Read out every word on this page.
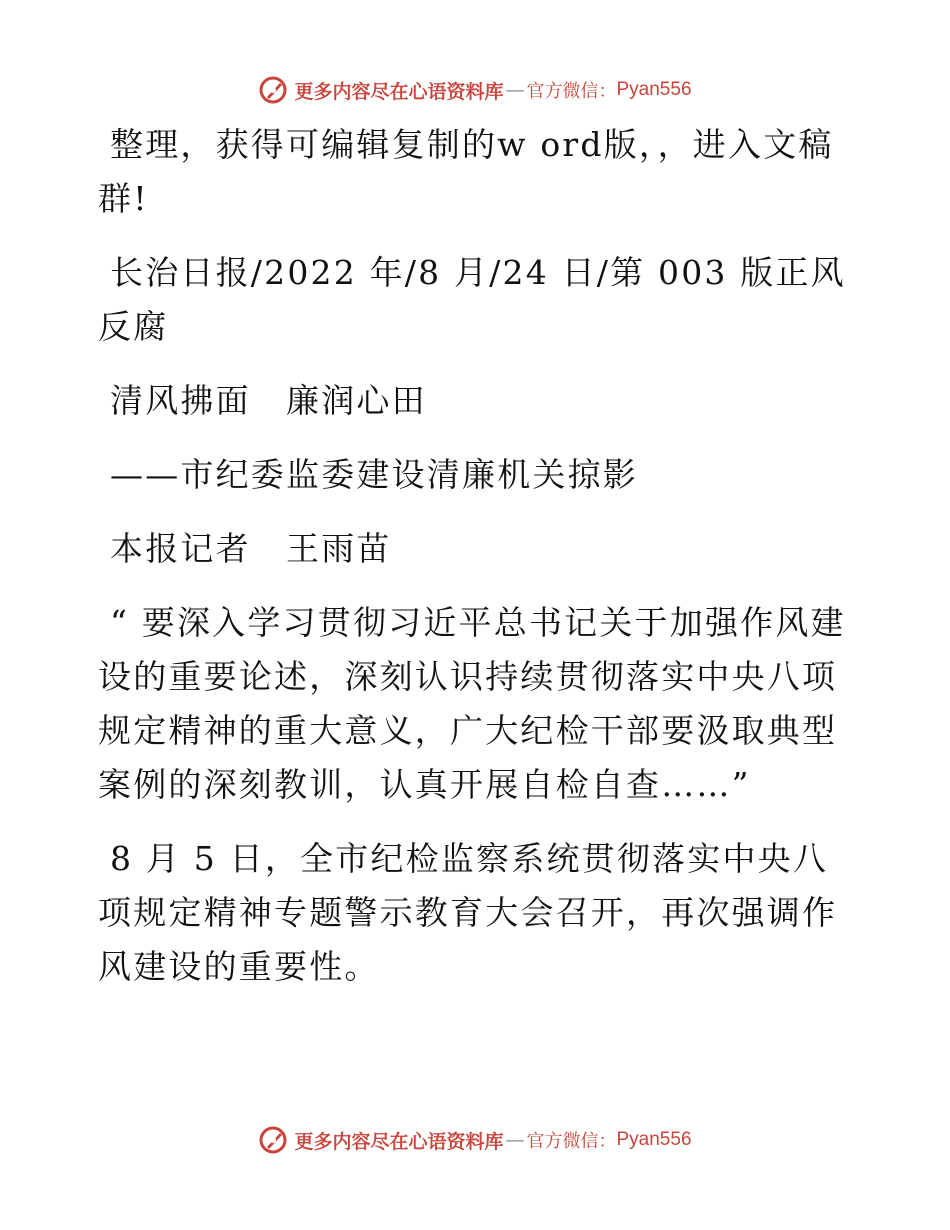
更多内容尽在心语资料库 — 官方微信： Pyan556

整理，获得可编辑复制的w ord版，，进入文稿群!

长治日报/2022 年/8 月/24 日/第 003 版正风反腐

清风拂面　廉润心田

——市纪委监委建设清廉机关掠影

本报记者　王雨苗

“ 要深入学习贯彻习近平总书记关于加强作风建设的重要论述，深刻认识持续贯彻落实中央八项规定精神的重大意义，广大纪检干部要汲取典型案例的深刻教训，认真开展自检自查……”

8 月 5 日，全市纪检监察系统贯彻落实中央八项规定精神专题警示教育大会召开，再次强调作风建设的重要性。

更多内容尽在心语资料库 — 官方微信： Pyan556
